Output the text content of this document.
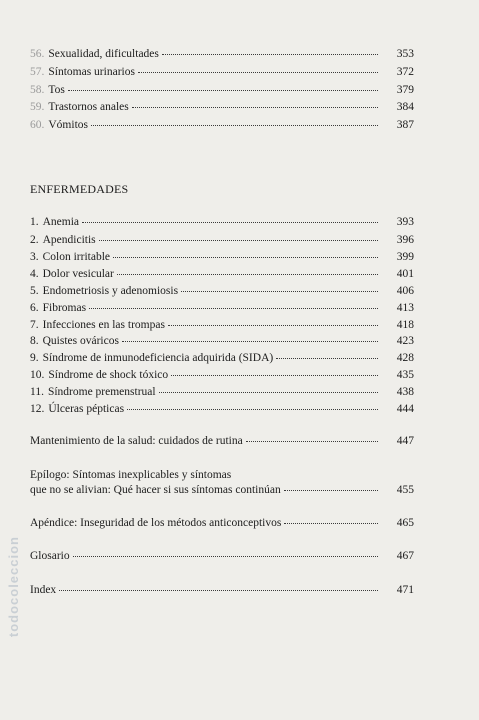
56. Sexualidad, dificultades	353
57. Síntomas urinarios	372
58. Tos	379
59. Trastornos anales	384
60. Vómitos	387
ENFERMEDADES
1. Anemia	393
2. Apendicitis	396
3. Colon irritable	399
4. Dolor vesicular	401
5. Endometriosis y adenomiosis	406
6. Fibromas	413
7. Infecciones en las trompas	418
8. Quistes ováricos	423
9. Síndrome de inmunodeficiencia adquirida (SIDA)	428
10. Síndrome de shock tóxico	435
11. Síndrome premenstrual	438
12. Úlceras pépticas	444
Mantenimiento de la salud: cuidados de rutina	447
Epílogo: Síntomas inexplicables y síntomas
que no se alivian: Qué hacer si sus síntomas continúan	455
Apéndice: Inseguridad de los métodos anticonceptivos	465
Glosario	467
Index	471
todocoleccion
